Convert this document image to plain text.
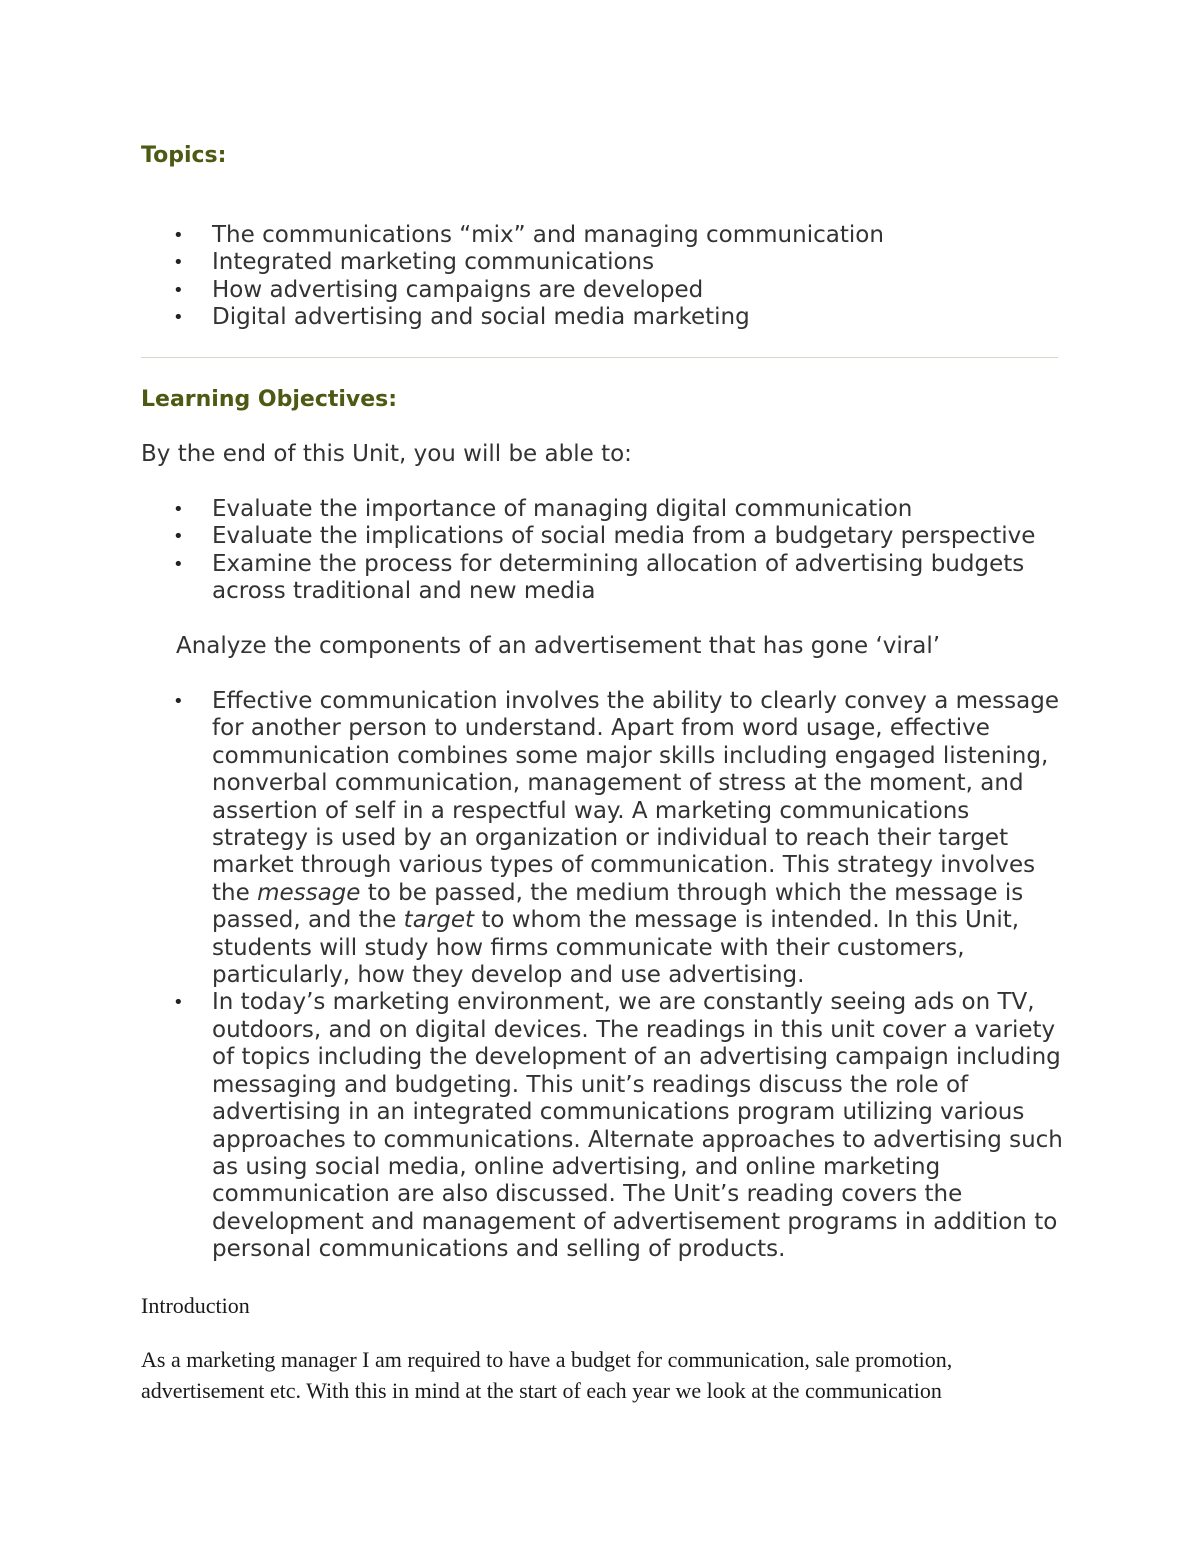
Topics:
• The communications “mix” and managing communication
• Integrated marketing communications
• How advertising campaigns are developed
• Digital advertising and social media marketing
Learning Objectives:

By the end of this Unit, you will be able to:

• Evaluate the importance of managing digital communication
• Evaluate the implications of social media from a budgetary perspective
• Examine the process for determining allocation of advertising budgets across traditional and new media

Analyze the components of an advertisement that has gone ‘viral’

• Effective communication involves the ability to clearly convey a message for another person to understand. Apart from word usage, effective communication combines some major skills including engaged listening, nonverbal communication, management of stress at the moment, and assertion of self in a respectful way. A marketing communications strategy is used by an organization or individual to reach their target market through various types of communication. This strategy involves the message to be passed, the medium through which the message is passed, and the target to whom the message is intended. In this Unit, students will study how firms communicate with their customers, particularly, how they develop and use advertising.
• In today’s marketing environment, we are constantly seeing ads on TV, outdoors, and on digital devices. The readings in this unit cover a variety of topics including the development of an advertising campaign including messaging and budgeting. This unit’s readings discuss the role of advertising in an integrated communications program utilizing various approaches to communications. Alternate approaches to advertising such as using social media, online advertising, and online marketing communication are also discussed. The Unit’s reading covers the development and management of advertisement programs in addition to personal communications and selling of products.

Introduction

As a marketing manager I am required to have a budget for communication, sale promotion, advertisement etc. With this in mind at the start of each year we look at the communication
